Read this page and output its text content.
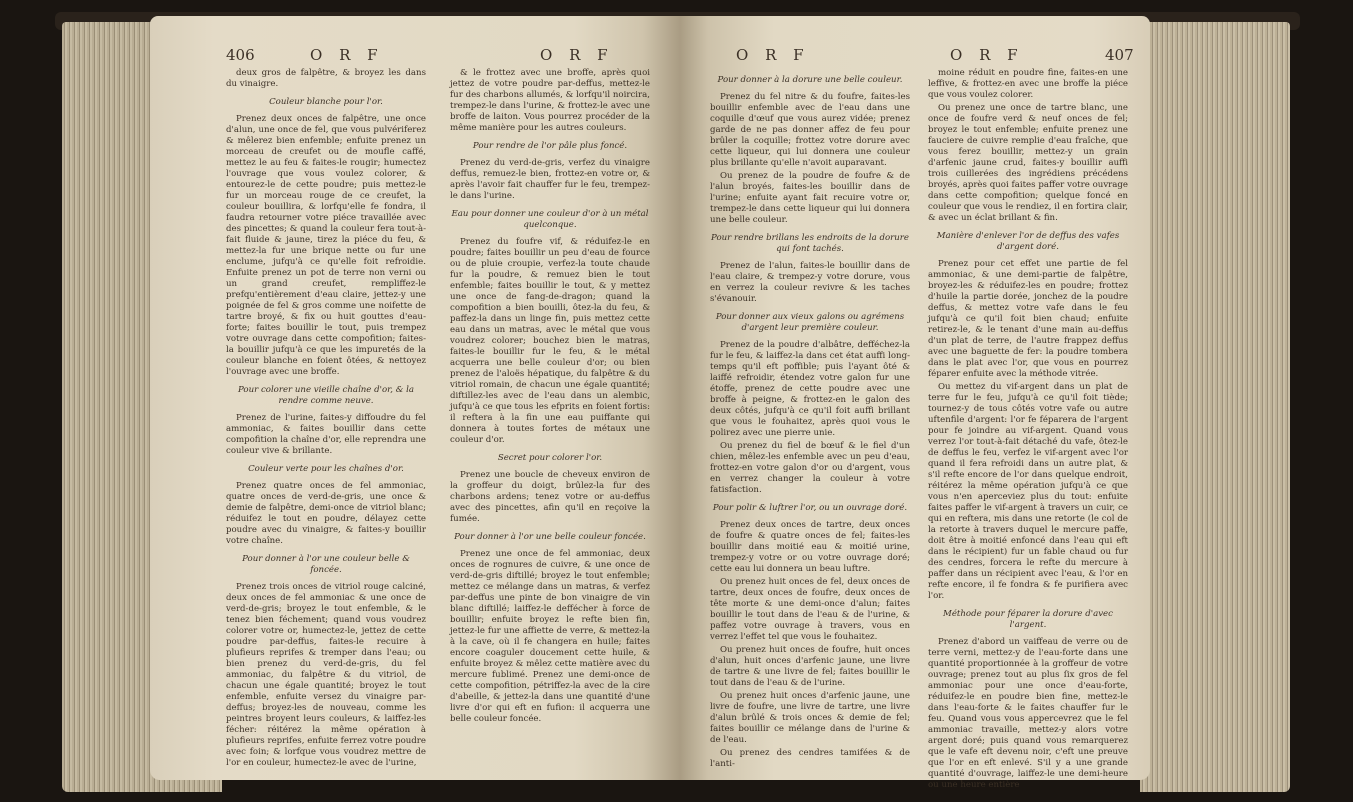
406	O R F	O R F

deux gros de falpêtre, & broyez les dans du vinaigre.

Couleur blanche pour l'or.

Prenez deux onces de falpêtre, une once d'alun, une once de fel, que vous pulvériferez & mêlerez bien enfemble; enfuite prenez un morceau de creufet ou de moufle caffé, mettez le au feu & faites-le rougir; humectez l'ouvrage que vous voulez colorer, & entourez-le de cette poudre; puis mettez-le fur un morceau rouge de ce creufet, la couleur bouillira, & lorfqu'elle fe fondra, il faudra retourner votre piéce travaillée avec des pincettes; & quand la couleur fera tout-à-fait fluide & jaune, tirez la piéce du feu, & mettez-la fur une brique nette ou fur une enclume, jufqu'à ce qu'elle foit refroidie. Enfuite prenez un pot de terre non verni ou un grand creufet, rempliffez-le prefqu'entièrement d'eau claire, jettez-y une poignée de fel & gros comme une noifette de tartre broyé, & fix ou huit gouttes d'eau-forte; faites bouillir le tout, puis trempez votre ouvrage dans cette compofition; faites-la bouillir jufqu'à ce que les impuretés de la couleur blanche en foient ôtées, & nettoyez l'ouvrage avec une broffe.

Pour colorer une vieille chaîne d'or, & la rendre comme neuve.

Prenez de l'urine, faites-y diffoudre du fel ammoniac, & faites bouillir dans cette compofition la chaîne d'or, elle reprendra une couleur vive & brillante.

Couleur verte pour les chaînes d'or.

Prenez quatre onces de fel ammoniac, quatre onces de verd-de-gris, une once & demie de falpêtre, demi-once de vitriol blanc; réduifez le tout en poudre, délayez cette poudre avec du vinaigre, & faites-y bouillir votre chaîne.

Pour donner à l'or une couleur belle & foncée.

Prenez trois onces de vitriol rouge calciné, deux onces de fel ammoniac & une once de verd-de-gris; broyez le tout enfemble, & le tenez bien féchement; quand vous voudrez colorer votre or, humectez-le, jettez de cette poudre par-deffus, faites-le recuire à plufieurs reprifes & tremper dans l'eau; ou bien prenez du verd-de-gris, du fel ammoniac, du falpêtre & du vitriol, de chacun une égale quantité; broyez le tout enfemble, enfuite versez du vinaigre par-deffus; broyez-les de nouveau, comme les peintres broyent leurs couleurs, & laiffez-les fécher: réitérez la même opération à plufieurs reprifes, enfuite ferrez votre poudre avec foin; & lorfque vous voudrez mettre de l'or en couleur, humectez-le avec de l'urine,

& le frottez avec une broffe, après quoi jettez de votre poudre par-deffus, mettez-le fur des charbons allumés, & lorfqu'il noircira, trempez-le dans l'urine, & frottez-le avec une broffe de laiton. Vous pourrez procéder de la même manière pour les autres couleurs.

Pour rendre de l'or pâle plus foncé.

Prenez du verd-de-gris, verfez du vinaigre deffus, remuez-le bien, frottez-en votre or, & après l'avoir fait chauffer fur le feu, trempez-le dans l'urine.

Eau pour donner une couleur d'or à un métal quelconque.

Prenez du foufre vif, & réduifez-le en poudre; faites bouillir un peu d'eau de fource ou de pluie croupie, verfez-la toute chaude fur la poudre, & remuez bien le tout enfemble; faites bouillir le tout, & y mettez une once de fang-de-dragon; quand la compofition a bien bouilli, ôtez-la du feu, & paffez-la dans un linge fin, puis mettez cette eau dans un matras, avec le métal que vous voudrez colorer; bouchez bien le matras, faites-le bouillir fur le feu, & le métal acquerra une belle couleur d'or; ou bien prenez de l'aloës hépatique, du falpêtre & du vitriol romain, de chacun une égale quantité; diftillez-les avec de l'eau dans un alembic, jufqu'à ce que tous les efprits en foient fortis: il reftera à la fin une eau puiffante qui donnera à toutes fortes de métaux une couleur d'or.

Secret pour colorer l'or.

Prenez une boucle de cheveux environ de la groffeur du doigt, brûlez-la fur des charbons ardens; tenez votre or au-deffus avec des pincettes, afin qu'il en reçoive la fumée.

Pour donner à l'or une belle couleur foncée.

Prenez une once de fel ammoniac, deux onces de rognures de cuivre, & une once de verd-de-gris diftillé; broyez le tout enfemble; mettez ce mélange dans un matras, & verfez par-deffus une pinte de bon vinaigre de vin blanc diftillé; laiffez-le deffécher à force de bouillir; enfuite broyez le refte bien fin, jettez-le fur une affiette de verre, & mettez-la à la cave, où il fe changera en huile; faites encore coaguler doucement cette huile, & enfuite broyez & mêlez cette matière avec du mercure fublimé. Prenez une demi-once de cette compofition, pétriffez-la avec de la cire d'abeille, & jettez-la dans une quantité d'une livre d'or qui eft en fufion: il acquerra une belle couleur foncée.

O R F	O R F	407

Pour donner à la dorure une belle couleur.

Prenez du fel nitre & du foufre, faites-les bouillir enfemble avec de l'eau dans une coquille d'œuf que vous aurez vidée; prenez garde de ne pas donner affez de feu pour brûler la coquille; frottez votre dorure avec cette liqueur, qui lui donnera une couleur plus brillante qu'elle n'avoit auparavant.

Ou prenez de la poudre de foufre & de l'alun broyés, faites-les bouillir dans de l'urine; enfuite ayant fait recuire votre or, trempez-le dans cette liqueur qui lui donnera une belle couleur.

Pour rendre brillans les endroits de la dorure qui font tachés.

Prenez de l'alun, faites-le bouillir dans de l'eau claire, & trempez-y votre dorure, vous en verrez la couleur revivre & les taches s'évanouir.

Pour donner aux vieux galons ou agrémens d'argent leur première couleur.

Prenez de la poudre d'albâtre, defféchez-la fur le feu, & laiffez-la dans cet état auffi long-temps qu'il eft poffible; puis l'ayant ôté & laiffé refroidir, étendez votre galon fur une étoffe, prenez de cette poudre avec une broffe à peigne, & frottez-en le galon des deux côtés, jufqu'à ce qu'il foit auffi brillant que vous le fouhaitez, après quoi vous le polirez avec une pierre unie.

Ou prenez du fiel de bœuf & le fiel d'un chien, mêlez-les enfemble avec un peu d'eau, frottez-en votre galon d'or ou d'argent, vous en verrez changer la couleur à votre fatisfaction.

Pour polir & luftrer l'or, ou un ouvrage doré.

Prenez deux onces de tartre, deux onces de foufre & quatre onces de fel; faites-les bouillir dans moitié eau & moitié urine, trempez-y votre or ou votre ouvrage doré; cette eau lui donnera un beau luftre.

Ou prenez huit onces de fel, deux onces de tartre, deux onces de foufre, deux onces de tête morte & une demi-once d'alun; faites bouillir le tout dans de l'eau & de l'urine, & paffez votre ouvrage à travers, vous en verrez l'effet tel que vous le fouhaitez.

Ou prenez huit onces de foufre, huit onces d'alun, huit onces d'arfenic jaune, une livre de tartre & une livre de fel; faites bouillir le tout dans de l'eau & de l'urine.

Ou prenez huit onces d'arfenic jaune, une livre de foufre, une livre de tartre, une livre d'alun brûlé & trois onces & demie de fel; faites bouillir ce mélange dans de l'urine & de l'eau.

Ou prenez des cendres tamifées & de l'anti-

moine réduit en poudre fine, faites-en une leffive, & frottez-en avec une broffe la piéce que vous voulez colorer.

Ou prenez une once de tartre blanc, une once de foufre verd & neuf onces de fel; broyez le tout enfemble; enfuite prenez une fauciere de cuivre remplie d'eau fraîche, que vous ferez bouillir, mettez-y un grain d'arfenic jaune crud, faites-y bouillir auffi trois cuillerées des ingrédiens précédens broyés, après quoi faites paffer votre ouvrage dans cette compofition; quelque foncé en couleur que vous le rendiez, il en fortira clair, & avec un éclat brillant & fin.

Manière d'enlever l'or de deffus des vafes d'argent doré.

Prenez pour cet effet une partie de fel ammoniac, & une demi-partie de falpêtre, broyez-les & réduifez-les en poudre; frottez d'huile la partie dorée, jonchez de la poudre deffus, & mettez votre vafe dans le feu jufqu'à ce qu'il foit bien chaud; enfuite retirez-le, & le tenant d'une main au-deffus d'un plat de terre, de l'autre frappez deffus avec une baguette de fer: la poudre tombera dans le plat avec l'or, que vous en pourrez féparer enfuite avec la méthode vitrée.

Ou mettez du vif-argent dans un plat de terre fur le feu, jufqu'à ce qu'il foit tiède; tournez-y de tous côtés votre vafe ou autre uftenfile d'argent: l'or fe féparera de l'argent pour fe joindre au vif-argent. Quand vous verrez l'or tout-à-fait détaché du vafe, ôtez-le de deffus le feu, verfez le vif-argent avec l'or quand il fera refroidi dans un autre plat, & s'il refte encore de l'or dans quelque endroit, réitérez la même opération jufqu'à ce que vous n'en aperceviez plus du tout: enfuite faites paffer le vif-argent à travers un cuir, ce qui en reftera, mis dans une retorte (le col de la retorte à travers duquel le mercure paffe, doit être à moitié enfoncé dans l'eau qui eft dans le récipient) fur un fable chaud ou fur des cendres, forcera le refte du mercure à paffer dans un récipient avec l'eau, & l'or en refte encore, il fe fondra & fe purifiera avec l'or.

Méthode pour féparer la dorure d'avec l'argent.

Prenez d'abord un vaiffeau de verre ou de terre verni, mettez-y de l'eau-forte dans une quantité proportionnée à la groffeur de votre ouvrage; prenez tout au plus ſix gros de fel ammoniac pour une once d'eau-forte, réduifez-le en poudre bien fine, mettez-le dans l'eau-forte & le faites chauffer fur le feu. Quand vous vous appercevrez que le fel ammoniac travaille, mettez-y alors votre argent doré; puis quand vous remarquerez que le vafe eft devenu noir, c'eft une preuve que l'or en eft enlevé. S'il y a une grande quantité d'ouvrage, laiffez-le une demi-heure ou une heure entière
